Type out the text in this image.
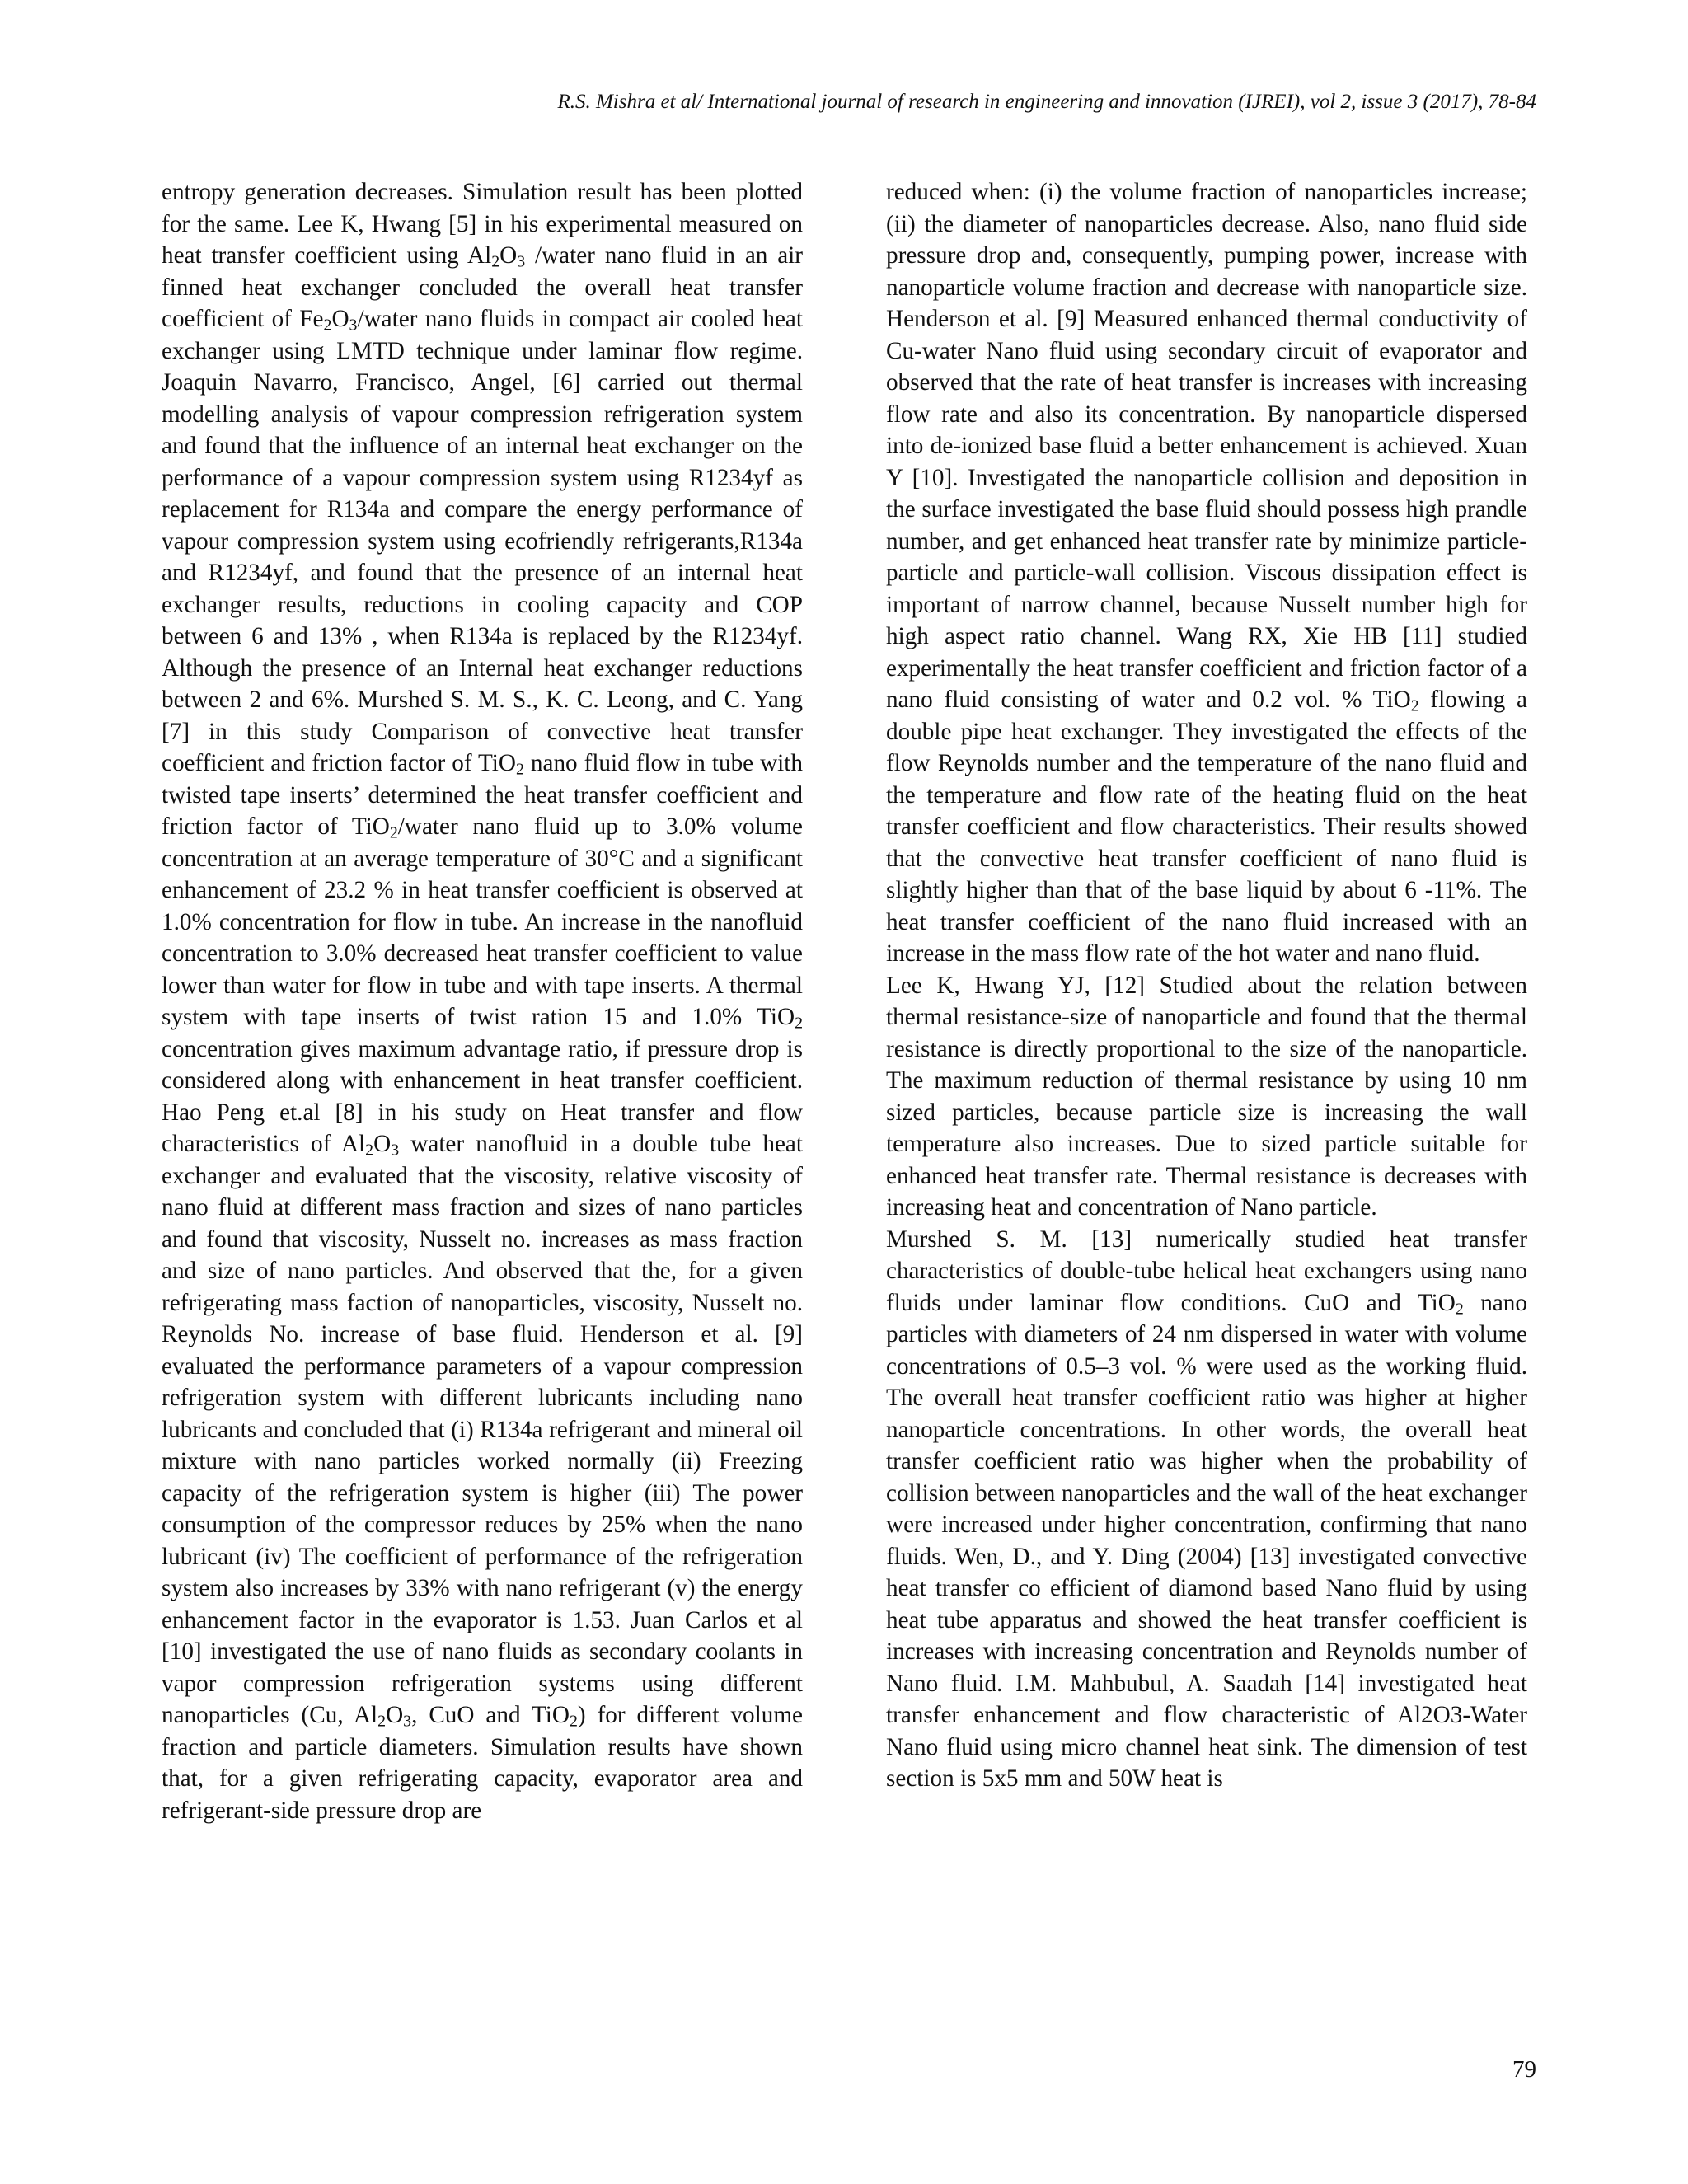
R.S. Mishra et al/ International journal of research in engineering and innovation (IJREI), vol 2, issue 3 (2017), 78-84

entropy generation decreases. Simulation result has been plotted for the same. Lee K, Hwang [5] in his experimental measured on heat transfer coefficient using $Al_2O_3$ /water nano fluid in an air finned heat exchanger concluded the overall heat transfer coefficient of $Fe_2O_3$/water nano fluids in compact air cooled heat exchanger using LMTD technique under laminar flow regime. Joaquin Navarro, Francisco, Angel, [6] carried out thermal modelling analysis of vapour compression refrigeration system and found that the influence of an internal heat exchanger on the performance of a vapour compression system using R1234yf as replacement for R134a and compare the energy performance of vapour compression system using ecofriendly refrigerants,R134a and R1234yf, and found that the presence of an internal heat exchanger results, reductions in cooling capacity and COP between 6 and 13% , when R134a is replaced by the R1234yf. Although the presence of an Internal heat exchanger reductions between 2 and 6%. Murshed S. M. S., K. C. Leong, and C. Yang [7] in this study Comparison of convective heat transfer coefficient and friction factor of TiO$_2$ nano fluid flow in tube with twisted tape inserts’ determined the heat transfer coefficient and friction factor of TiO$_2$/water nano fluid up to 3.0% volume concentration at an average temperature of 30°C and a significant enhancement of 23.2 % in heat transfer coefficient is observed at 1.0% concentration for flow in tube. An increase in the nanofluid concentration to 3.0% decreased heat transfer coefficient to value lower than water for flow in tube and with tape inserts. A thermal system with tape inserts of twist ration 15 and 1.0% TiO$_2$ concentration gives maximum advantage ratio, if pressure drop is considered along with enhancement in heat transfer coefficient. Hao Peng et.al [8] in his study on Heat transfer and flow characteristics of $Al_2O_3$ water nanofluid in a double tube heat exchanger and evaluated that the viscosity, relative viscosity of nano fluid at different mass fraction and sizes of nano particles and found that viscosity, Nusselt no. increases as mass fraction and size of nano particles. And observed that the, for a given refrigerating mass faction of nanoparticles, viscosity, Nusselt no. Reynolds No. increase of base fluid. Henderson et al. [9] evaluated the performance parameters of a vapour compression refrigeration system with different lubricants including nano lubricants and concluded that (i) R134a refrigerant and mineral oil mixture with nano particles worked normally (ii) Freezing capacity of the refrigeration system is higher (iii) The power consumption of the compressor reduces by 25% when the nano lubricant (iv) The coefficient of performance of the refrigeration system also increases by 33% with nano refrigerant (v) the energy enhancement factor in the evaporator is 1.53. Juan Carlos et al [10] investigated the use of nano fluids as secondary coolants in vapor compression refrigeration systems using different nanoparticles (Cu, $Al_2O_3$, CuO and TiO$_2$) for different volume fraction and particle diameters. Simulation results have shown that, for a given refrigerating capacity, evaporator area and refrigerant-side pressure drop are

reduced when: (i) the volume fraction of nanoparticles increase; (ii) the diameter of nanoparticles decrease. Also, nano fluid side pressure drop and, consequently, pumping power, increase with nanoparticle volume fraction and decrease with nanoparticle size. Henderson et al. [9] Measured enhanced thermal conductivity of Cu-water Nano fluid using secondary circuit of evaporator and observed that the rate of heat transfer is increases with increasing flow rate and also its concentration. By nanoparticle dispersed into de-ionized base fluid a better enhancement is achieved. Xuan Y [10]. Investigated the nanoparticle collision and deposition in the surface investigated the base fluid should possess high prandle number, and get enhanced heat transfer rate by minimize particle-particle and particle-wall collision. Viscous dissipation effect is important of narrow channel, because Nusselt number high for high aspect ratio channel. Wang RX, Xie HB [11] studied experimentally the heat transfer coefficient and friction factor of a nano fluid consisting of water and 0.2 vol. % TiO$_2$ flowing a double pipe heat exchanger. They investigated the effects of the flow Reynolds number and the temperature of the nano fluid and the temperature and flow rate of the heating fluid on the heat transfer coefficient and flow characteristics. Their results showed that the convective heat transfer coefficient of nano fluid is slightly higher than that of the base liquid by about 6 -11%. The heat transfer coefficient of the nano fluid increased with an increase in the mass flow rate of the hot water and nano fluid.

Lee K, Hwang YJ, [12] Studied about the relation between thermal resistance-size of nanoparticle and found that the thermal resistance is directly proportional to the size of the nanoparticle. The maximum reduction of thermal resistance by using 10 nm sized particles, because particle size is increasing the wall temperature also increases. Due to sized particle suitable for enhanced heat transfer rate. Thermal resistance is decreases with increasing heat and concentration of Nano particle.

Murshed S. M. [13] numerically studied heat transfer characteristics of double-tube helical heat exchangers using nano fluids under laminar flow conditions. CuO and TiO$_2$ nano particles with diameters of 24 nm dispersed in water with volume concentrations of 0.5–3 vol. % were used as the working fluid. The overall heat transfer coefficient ratio was higher at higher nanoparticle concentrations. In other words, the overall heat transfer coefficient ratio was higher when the probability of collision between nanoparticles and the wall of the heat exchanger were increased under higher concentration, confirming that nano fluids. Wen, D., and Y. Ding (2004) [13] investigated convective heat transfer co efficient of diamond based Nano fluid by using heat tube apparatus and showed the heat transfer coefficient is increases with increasing concentration and Reynolds number of Nano fluid. I.M. Mahbubul, A. Saadah [14] investigated heat transfer enhancement and flow characteristic of Al2O3-Water Nano fluid using micro channel heat sink. The dimension of test section is 5x5 mm and 50W heat is

79
